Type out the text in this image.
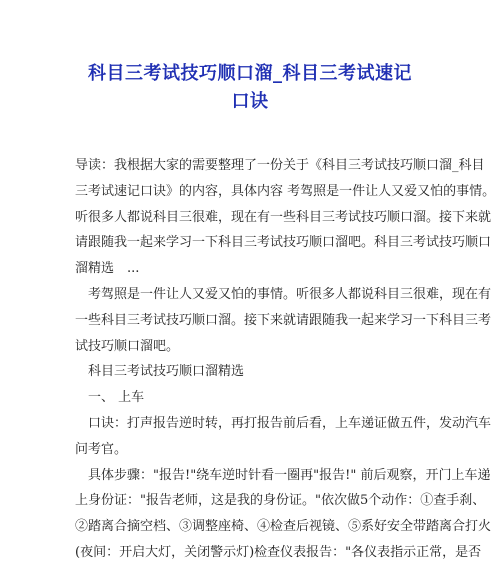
科目三考试技巧顺口溜_科目三考试速记
口诀
导读：我根据大家的需要整理了一份关于《科目三考试技巧顺口溜_科目
三考试速记口诀》的内容，具体内容 考驾照是一件让人又爱又怕的事情。
听很多人都说科目三很难，现在有一些科目三考试技巧顺口溜。接下来就
请跟随我一起来学习一下科目三考试技巧顺口溜吧。科目三考试技巧顺口
溜精选　...
考驾照是一件让人又爱又怕的事情。听很多人都说科目三很难，现在有
一些科目三考试技巧顺口溜。接下来就请跟随我一起来学习一下科目三考
试技巧顺口溜吧。
科目三考试技巧顺口溜精选
一、 上车
口诀：打声报告逆时转，再打报告前后看，上车递证做五件，发动汽车
问考官。
具体步骤："报告!"绕车逆时针看一圈再"报告!" 前后观察，开门上车递
上身份证："报告老师，这是我的身份证。"依次做5个动作：①查手刹、
②踏离合摘空档、③调整座椅、④检查后视镜、⑤系好安全带踏离合打火
(夜间：开启大灯，关闭警示灯)检查仪表报告："各仪表指示正常，是否
